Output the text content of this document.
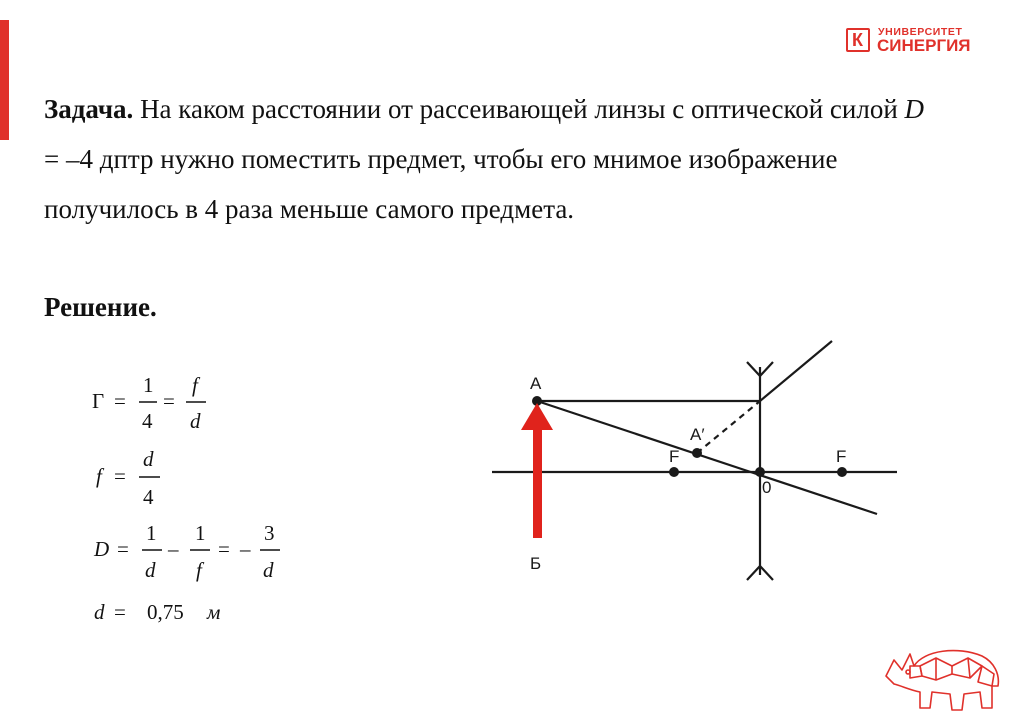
К УНИВЕРСИТЕТ
СИНЕРГИЯ
Задача. На каком расстоянии от рассеивающей линзы с оптической силой D = –4 дптр нужно поместить предмет, чтобы его мнимое изображение получилось в 4 раза меньше самого предмета.
Решение.
Γ =
1
4
=
f
d
f =
d
4
D =
1
d
–
1
f
= –
3
d
d = 0,75 м
A
A′
Б
F	F
0
